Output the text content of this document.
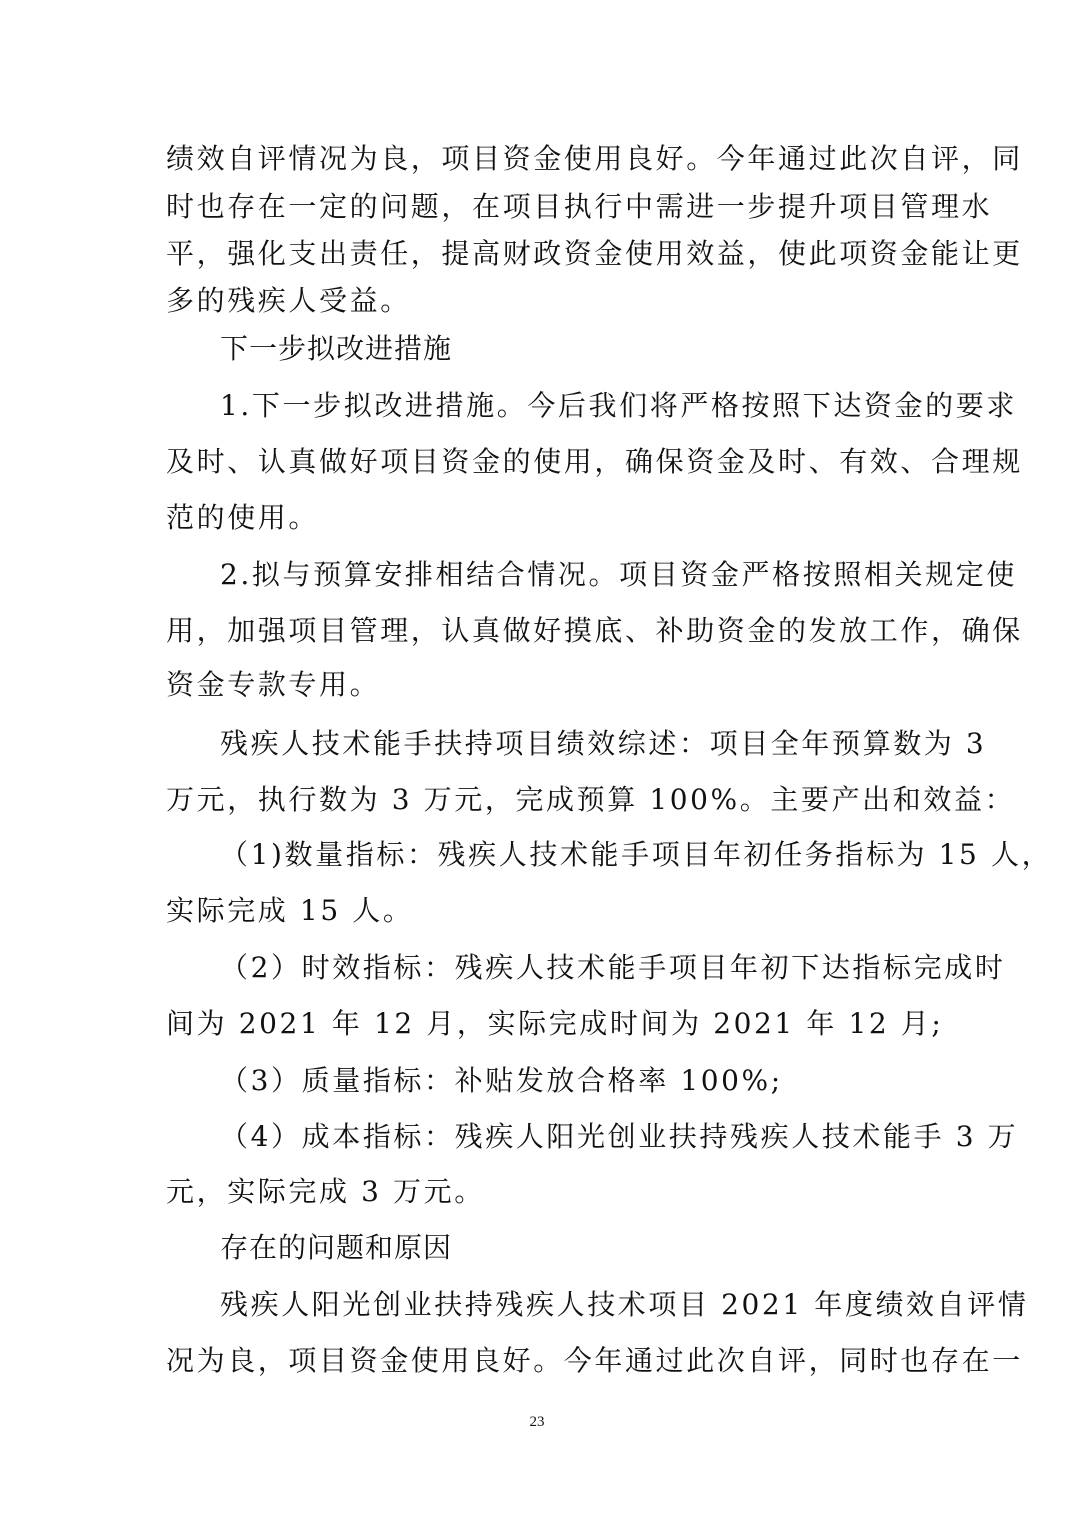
绩效自评情况为良，项目资金使用良好。今年通过此次自评，同
时也存在一定的问题，在项目执行中需进一步提升项目管理水
平，强化支出责任，提高财政资金使用效益，使此项资金能让更
多的残疾人受益。
下一步拟改进措施
1.下一步拟改进措施。今后我们将严格按照下达资金的要求
及时、认真做好项目资金的使用，确保资金及时、有效、合理规
范的使用。
2.拟与预算安排相结合情况。项目资金严格按照相关规定使
用，加强项目管理，认真做好摸底、补助资金的发放工作，确保
资金专款专用。
残疾人技术能手扶持项目绩效综述：项目全年预算数为 3
万元，执行数为 3 万元，完成预算 100%。主要产出和效益：
（1)数量指标：残疾人技术能手项目年初任务指标为 15 人，
实际完成 15 人。
（2）时效指标：残疾人技术能手项目年初下达指标完成时
间为 2021 年 12 月，实际完成时间为 2021 年 12 月;
（3）质量指标：补贴发放合格率 100%;
（4）成本指标：残疾人阳光创业扶持残疾人技术能手 3 万
元，实际完成 3 万元。
存在的问题和原因
残疾人阳光创业扶持残疾人技术项目 2021 年度绩效自评情
况为良，项目资金使用良好。今年通过此次自评，同时也存在一
23
